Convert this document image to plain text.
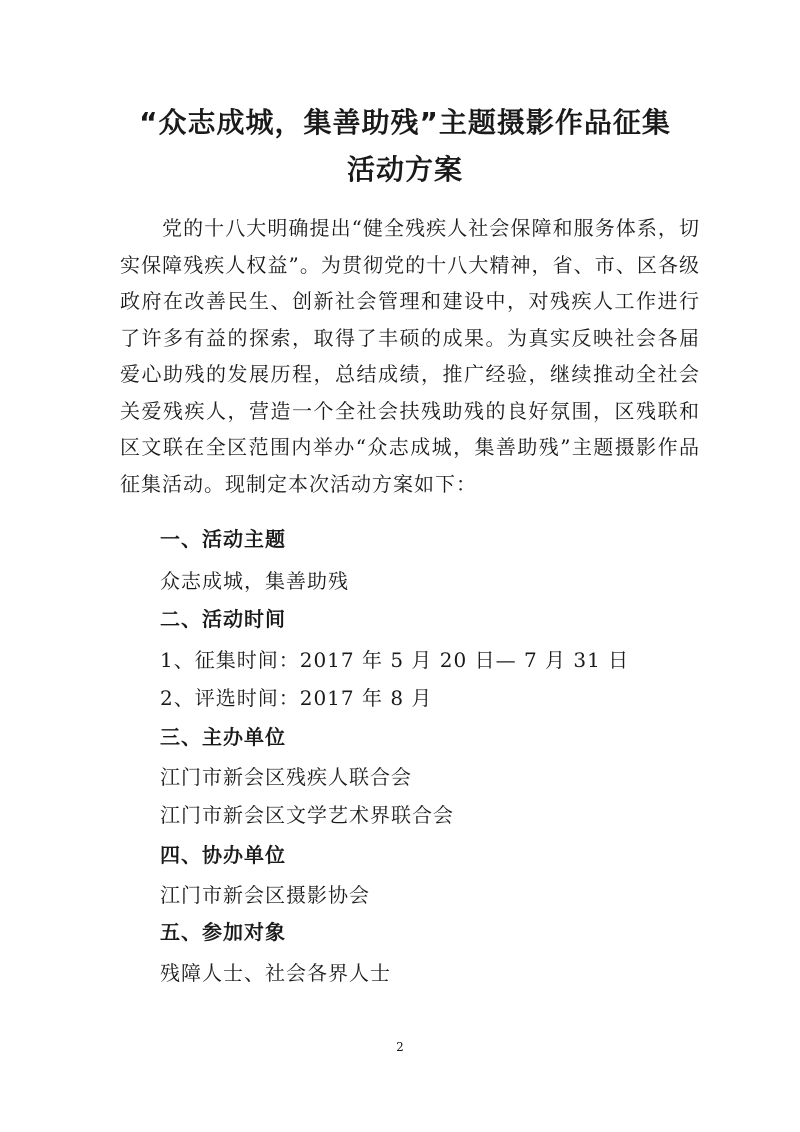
“众志成城，集善助残”主题摄影作品征集
活动方案

党的十八大明确提出“健全残疾人社会保障和服务体系，切实保障残疾人权益”。为贯彻党的十八大精神，省、市、区各级政府在改善民生、创新社会管理和建设中，对残疾人工作进行了许多有益的探索，取得了丰硕的成果。为真实反映社会各届爱心助残的发展历程，总结成绩，推广经验，继续推动全社会关爱残疾人，营造一个全社会扶残助残的良好氛围，区残联和区文联在全区范围内举办“众志成城，集善助残”主题摄影作品征集活动。现制定本次活动方案如下：

一、活动主题

众志成城，集善助残

二、活动时间

1、征集时间：2017 年 5 月 20 日— 7 月 31 日

2、评选时间：2017 年 8 月

三、主办单位

江门市新会区残疾人联合会

江门市新会区文学艺术界联合会

四、协办单位

江门市新会区摄影协会

五、参加对象

残障人士、社会各界人士

2
